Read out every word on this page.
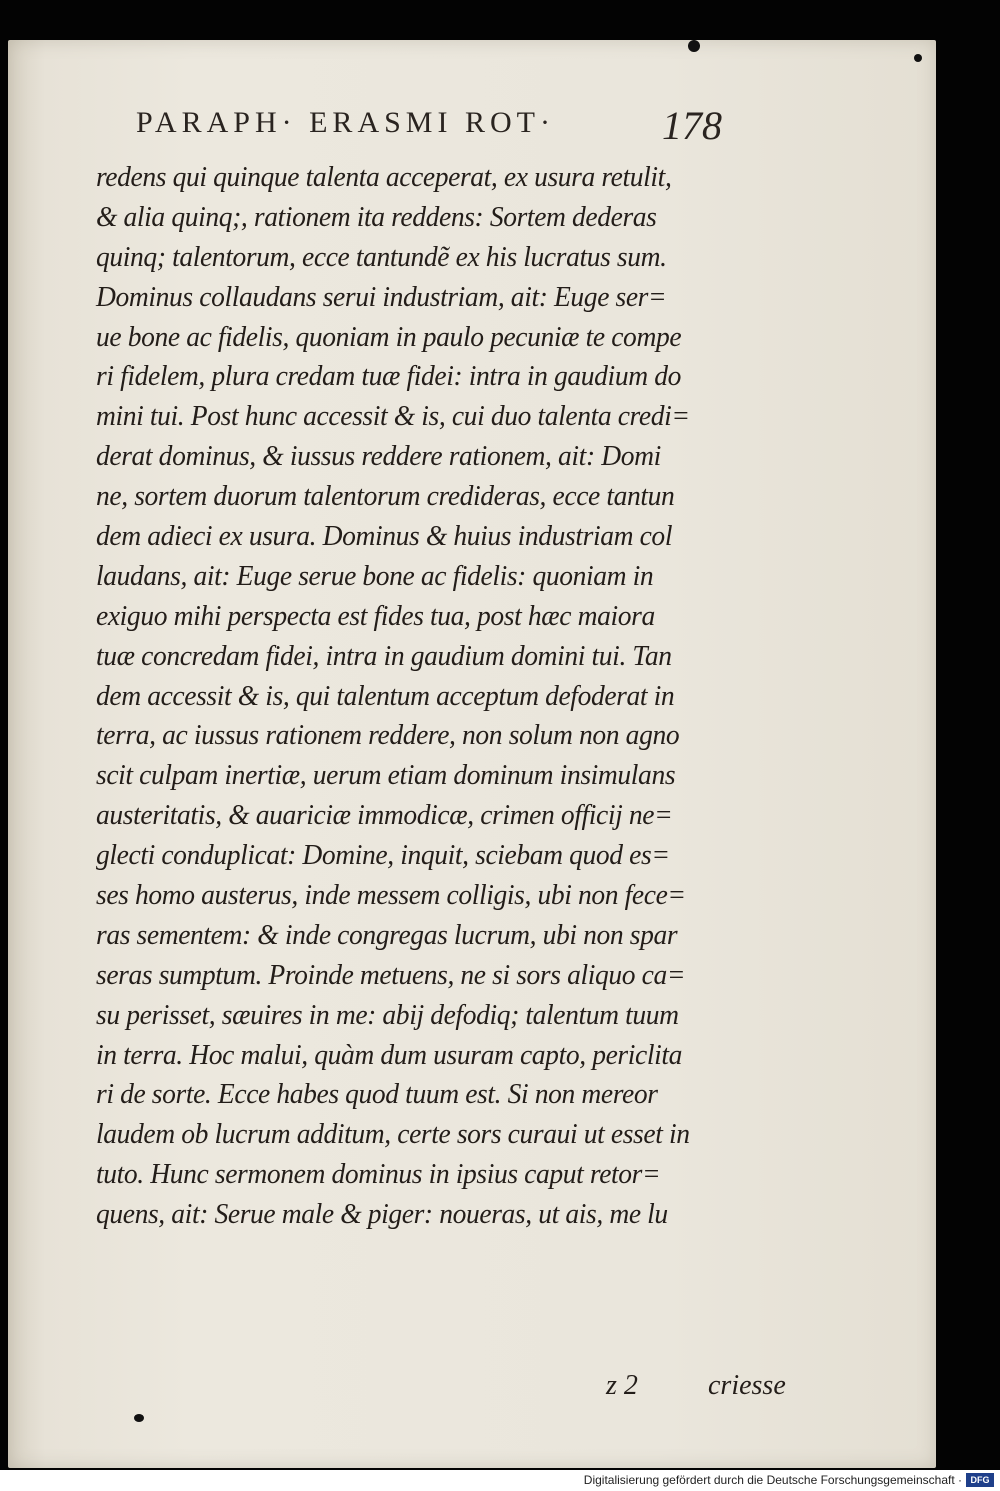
PARAPH· ERASMI ROT·	178
redens qui quinque talenta acceperat, ex usura retulit,
& alia quinq;, rationem ita reddens: Sortem dederas
quinq; talentorum, ecce tantundẽ ex his lucratus sum.
Dominus collaudans serui industriam, ait: Euge ser=
ue bone ac fidelis, quoniam in paulo pecuniæ te compe
ri fidelem, plura credam tuæ fidei: intra in gaudium do
mini tui. Post hunc accessit & is, cui duo talenta credi=
derat dominus, & iussus reddere rationem, ait: Domi
ne, sortem duorum talentorum credideras, ecce tantun
dem adieci ex usura. Dominus & huius industriam col
laudans, ait: Euge serue bone ac fidelis: quoniam in
exiguo mihi perspecta est fides tua, post hæc maiora
tuæ concredam fidei, intra in gaudium domini tui. Tan
dem accessit & is, qui talentum acceptum defoderat in
terra, ac iussus rationem reddere, non solum non agno
scit culpam inertiæ, uerum etiam dominum insimulans
austeritatis, & auariciæ immodicæ, crimen officij ne=
glecti conduplicat: Domine, inquit, sciebam quod es=
ses homo austerus, inde messem colligis, ubi non fece=
ras sementem: & inde congregas lucrum, ubi non spar
seras sumptum. Proinde metuens, ne si sors aliquo ca=
su perisset, sæuires in me: abij defodiq; talentum tuum
in terra. Hoc malui, quàm dum usuram capto, periclita
ri de sorte. Ecce habes quod tuum est. Si non mereor
laudem ob lucrum additum, certe sors curaui ut esset in
tuto. Hunc sermonem dominus in ipsius caput retor=
quens, ait: Serue male & piger: noueras, ut ais, me lu
z 2	criesse
Digitalisierung gefördert durch die Deutsche Forschungsgemeinschaft · DFG
